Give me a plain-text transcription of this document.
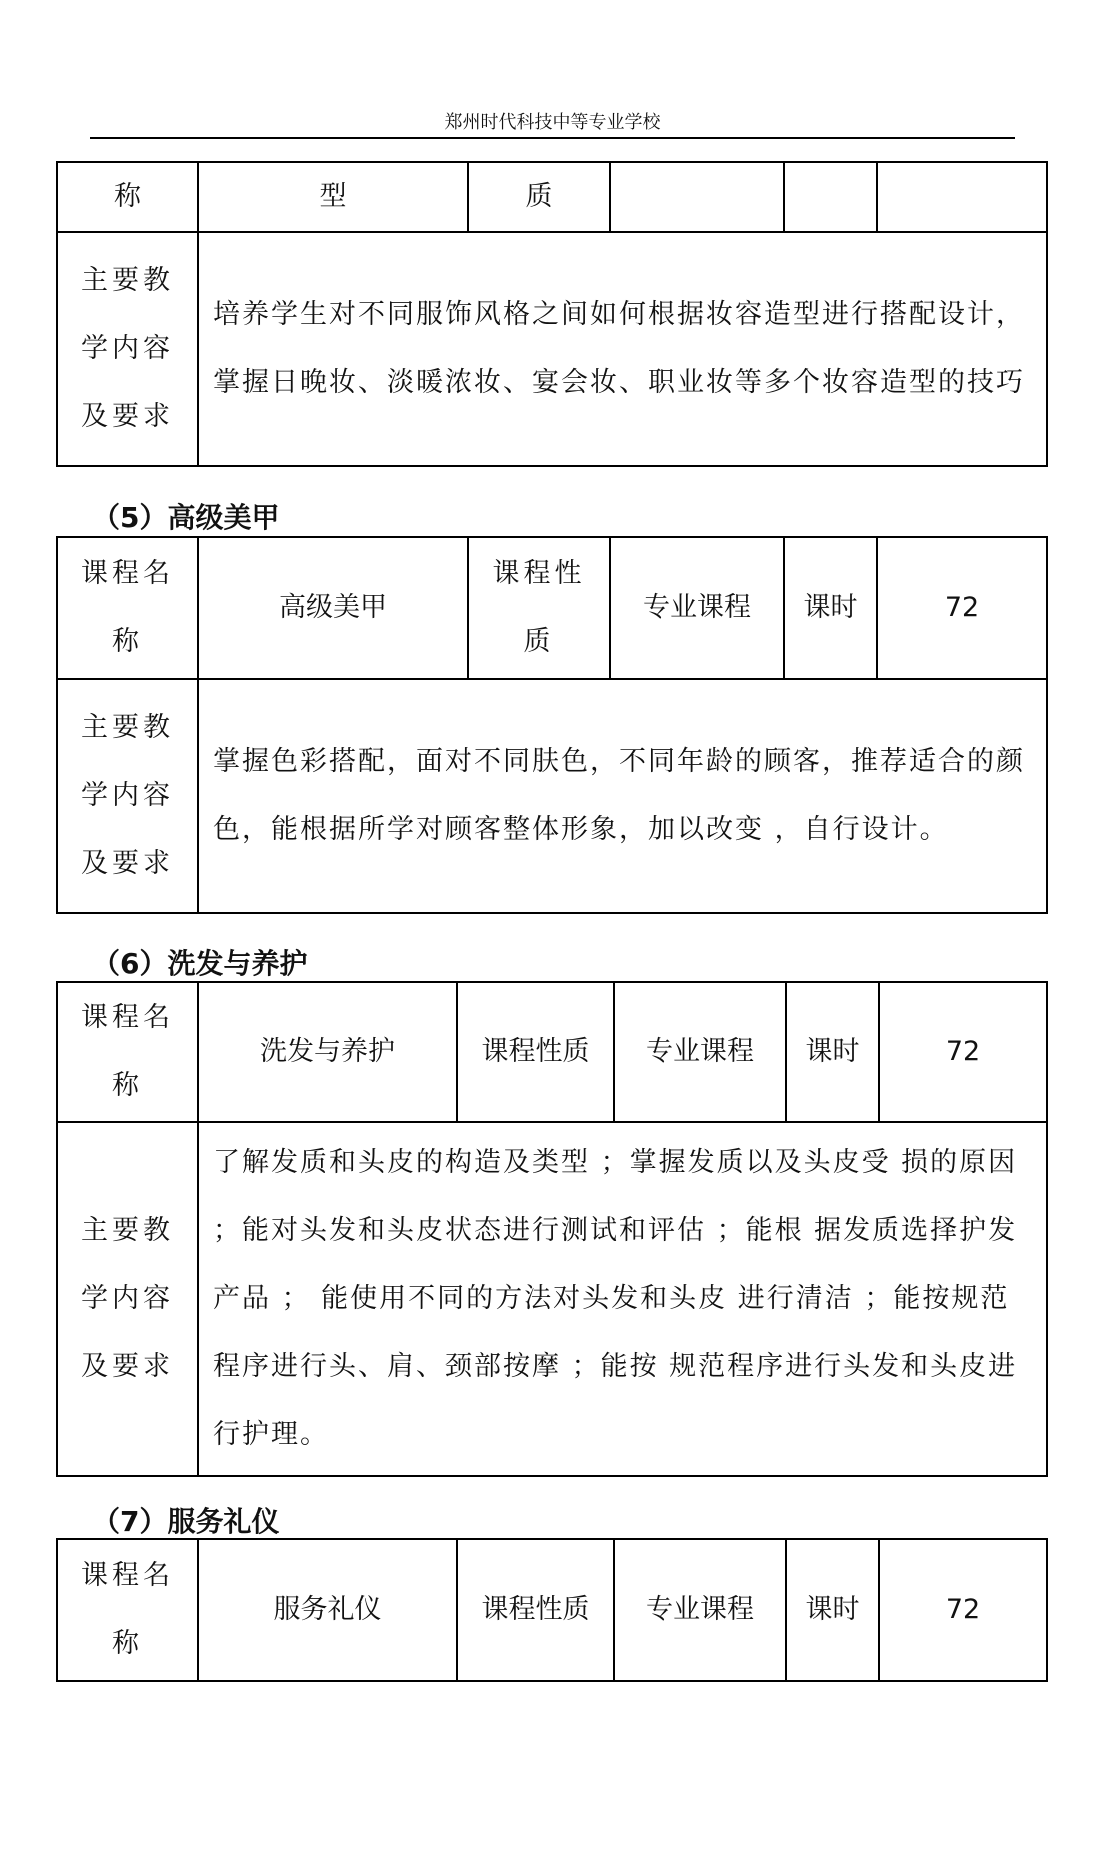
郑州时代科技中等专业学校
称	型	质			

主要教
学内容
及要求	培养学生对不同服饰风格之间如何根据妆容造型进行搭配设计，掌握日晚妆、淡暖浓妆、宴会妆、职业妆等多个妆容造型的技巧				
（5）高级美甲
课程名
称	高级美甲	课程性
质	专业课程	课时	72

主要教
学内容
及要求	掌握色彩搭配，面对不同肤色，不同年龄的顾客，推荐适合的颜色，能根据所学对顾客整体形象，加以改变 ，自行设计。				
（6）洗发与养护
课程名
称	洗发与养护	课程性质	专业课程	课时	72

主要教
学内容
及要求	了解发质和头皮的构造及类型 ；掌握发质以及头皮受 损的原因 ；能对头发和头皮状态进行测试和评估 ；能根 据发质选择护发产品 ； 能使用不同的方法对头发和头皮 进行清洁 ；能按规范程序进行头、肩、颈部按摩 ；能按 规范程序进行头发和头皮进行护理。				
（7）服务礼仪
课程名
称
	服务礼仪	课程性质	专业课程	课时	72
